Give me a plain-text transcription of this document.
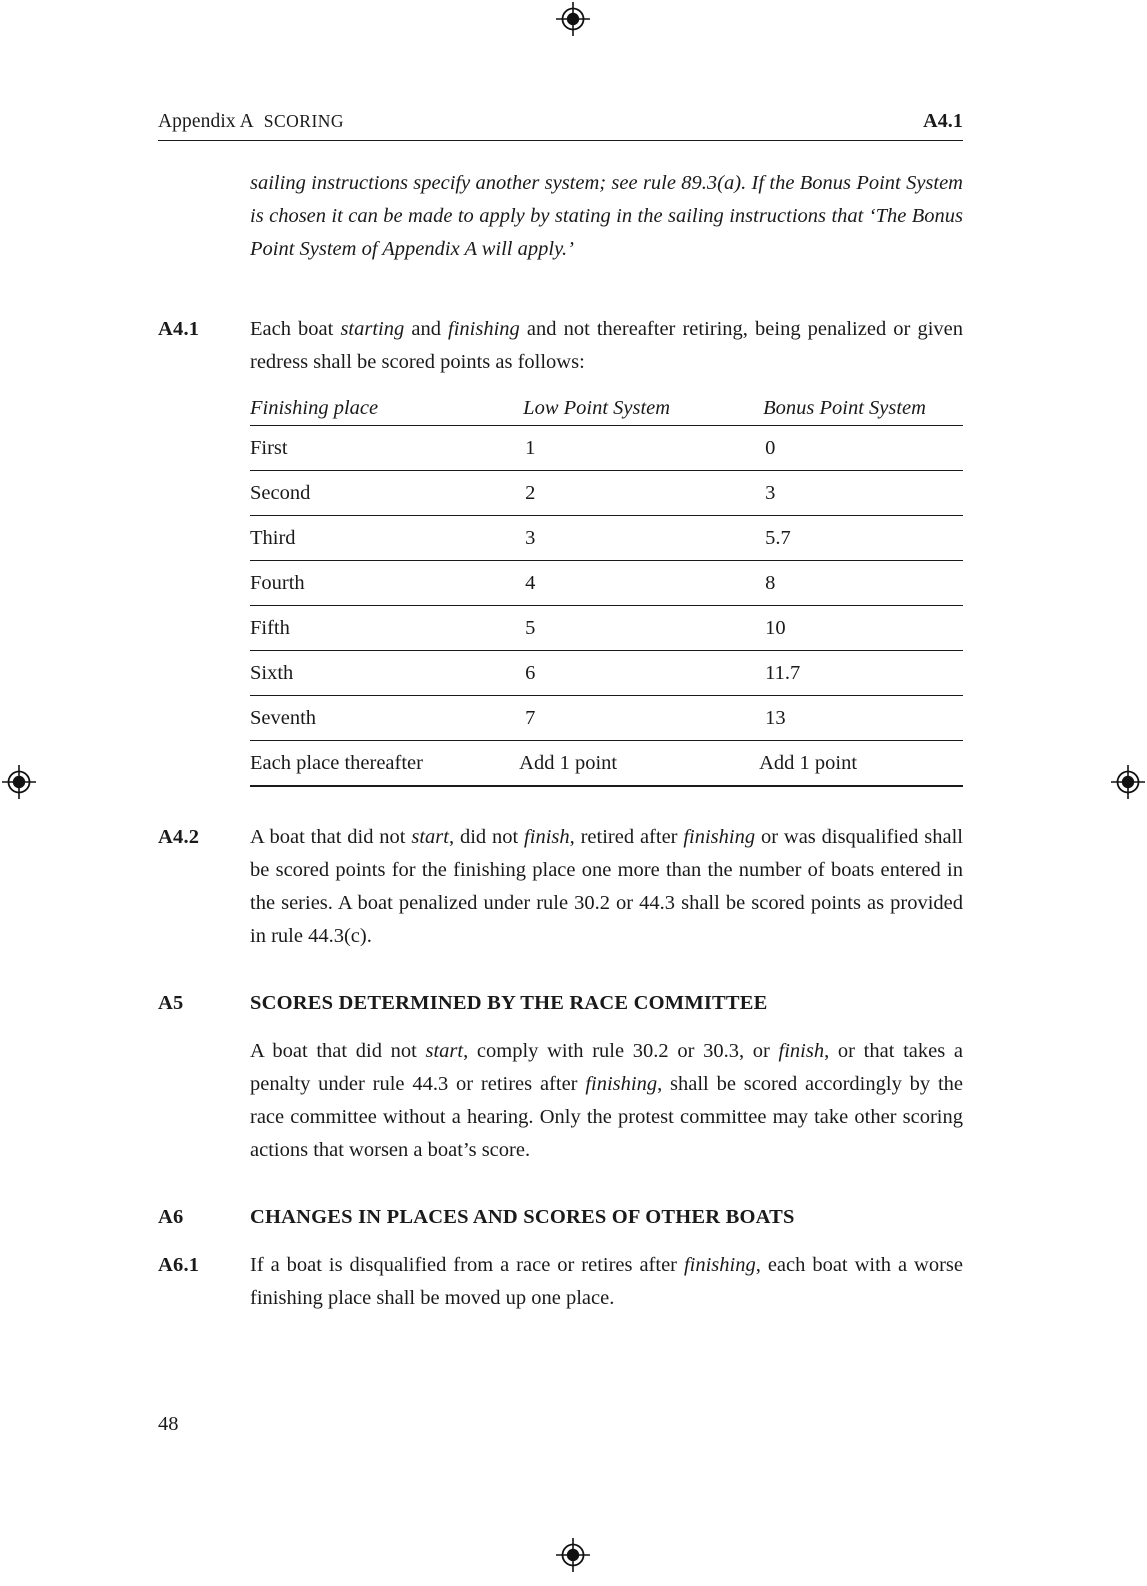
Appendix A SCORING	A4.1

sailing instructions specify another system; see rule 89.3(a). If the Bonus Point System is chosen it can be made to apply by stating in the sailing instructions that ‘The Bonus Point System of Appendix A will apply.’

A4.1	Each boat starting and finishing and not thereafter retiring, being penalized or given redress shall be scored points as follows:
Finishing place	Low Point System	Bonus Point System
First	1	0
Second	2	3
Third	3	5.7
Fourth	4	8
Fifth	5	10
Sixth	6	11.7
Seventh	7	13
Each place thereafter	Add 1 point	Add 1 point
A4.2	A boat that did not start, did not finish, retired after finishing or was disqualified shall be scored points for the finishing place one more than the number of boats entered in the series. A boat penalized under rule 30.2 or 44.3 shall be scored points as provided in rule 44.3(c).
A5	SCORES DETERMINED BY THE RACE COMMITTEE
A boat that did not start, comply with rule 30.2 or 30.3, or finish, or that takes a penalty under rule 44.3 or retires after finishing, shall be scored accordingly by the race committee without a hearing. Only the protest committee may take other scoring actions that worsen a boat’s score.
A6	CHANGES IN PLACES AND SCORES OF OTHER BOATS
A6.1	If a boat is disqualified from a race or retires after finishing, each boat with a worse finishing place shall be moved up one place.
48
